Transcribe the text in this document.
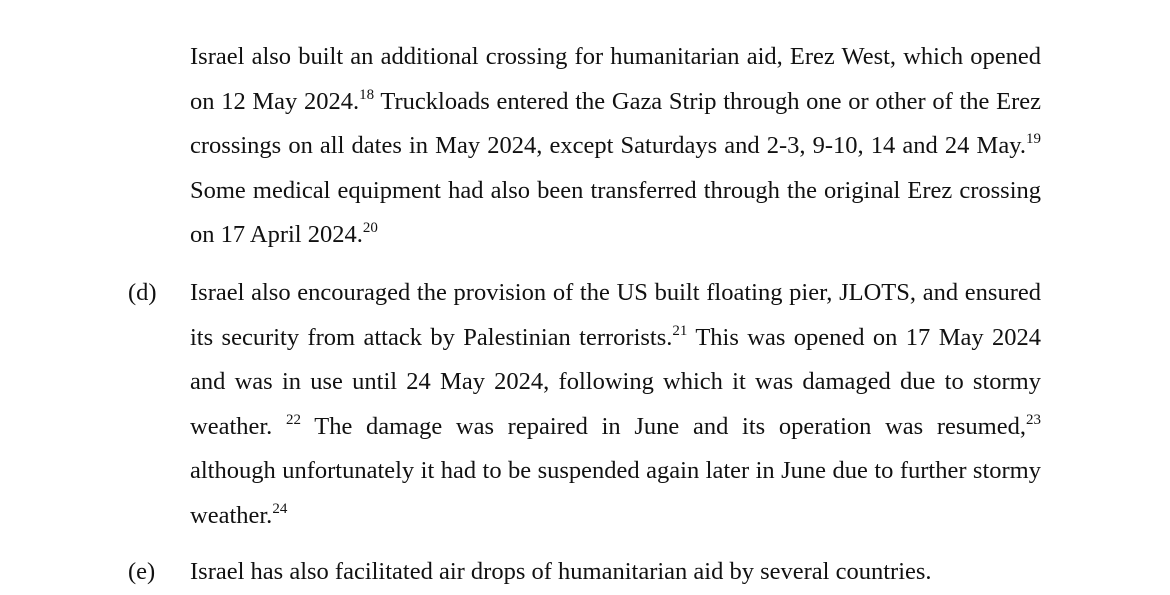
Israel also built an additional crossing for humanitarian aid, Erez West, which opened on 12 May 2024.18 Truckloads entered the Gaza Strip through one or other of the Erez crossings on all dates in May 2024, except Saturdays and 2-3, 9-10, 14 and 24 May.$^{19}$ Some medical equipment had also been transferred through the original Erez crossing on 17 April 2024.20

(d) Israel also encouraged the provision of the US built floating pier, JLOTS, and ensured its security from attack by Palestinian terrorists.$^{21}$ This was opened on 17 May 2024 and was in use until 24 May 2024, following which it was damaged due to stormy weather. $^{22}$ The damage was repaired in June and its operation was resumed,$^{23}$ although unfortunately it had to be suspended again later in June due to further stormy weather.$^{24}$

(e) Israel has also facilitated air drops of humanitarian aid by several countries.
